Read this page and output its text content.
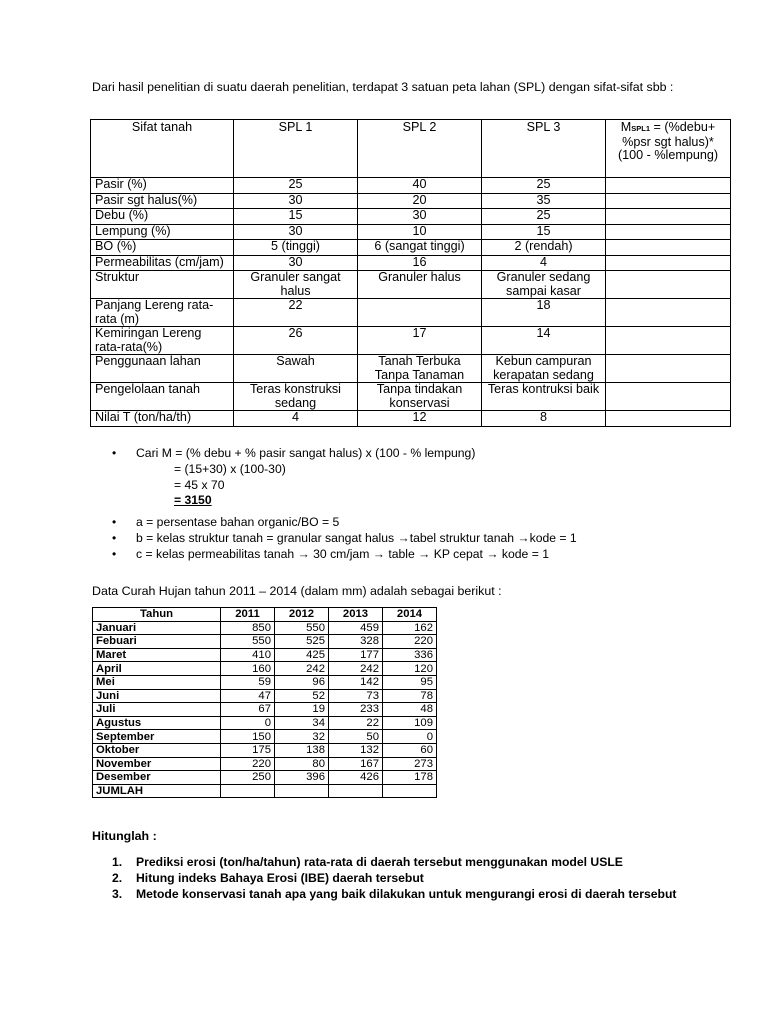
Dari hasil penelitian di suatu daerah penelitian, terdapat 3 satuan peta lahan (SPL) dengan sifat-sifat sbb :
Sifat tanah	SPL 1	SPL 2	SPL 3	MSPL1 = (%debu+ %psr sgt halus)*(100 - %lempung)
Pasir (%)	25	40	25	
Pasir sgt halus(%)	30	20	35	
Debu (%)	15	30	25	
Lempung (%)	30	10	15	
BO (%)	5 (tinggi)	6 (sangat tinggi)	2 (rendah)	
Permeabilitas (cm/jam)	30	16	4	
Struktur	Granuler sangat halus	Granuler halus	Granuler sedang sampai kasar	
Panjang Lereng rata-rata (m)	22		18	
Kemiringan Lereng rata-rata(%)	26	17	14	
Penggunaan lahan	Sawah	Tanah Terbuka Tanpa Tanaman	Kebun campuran kerapatan sedang	
Pengelolaan tanah	Teras konstruksi sedang	Tanpa tindakan konservasi	Teras kontruksi baik	
Nilai T (ton/ha/th)	4	12	8	
• Cari M = (% debu + % pasir sangat halus) x (100 - % lempung)
= (15+30) x (100-30)
= 45 x 70
= 3150
• a = persentase bahan organic/BO = 5
• b = kelas struktur tanah = granular sangat halus →tabel struktur tanah →kode = 1
• c = kelas permeabilitas tanah → 30 cm/jam → table → KP cepat → kode = 1
Data Curah Hujan tahun 2011 – 2014 (dalam mm) adalah sebagai berikut :
Tahun	2011	2012	2013	2014
Januari	850	550	459	162
Febuari	550	525	328	220
Maret	410	425	177	336
April	160	242	242	120
Mei	59	96	142	95
Juni	47	52	73	78
Juli	67	19	233	48
Agustus	0	34	22	109
September	150	32	50	0
Oktober	175	138	132	60
November	220	80	167	273
Desember	250	396	426	178
JUMLAH				
Hitunglah :
1. Prediksi erosi (ton/ha/tahun) rata-rata di daerah tersebut menggunakan model USLE
2. Hitung indeks Bahaya Erosi (IBE) daerah tersebut
3. Metode konservasi tanah apa yang baik dilakukan untuk mengurangi erosi di daerah tersebut
